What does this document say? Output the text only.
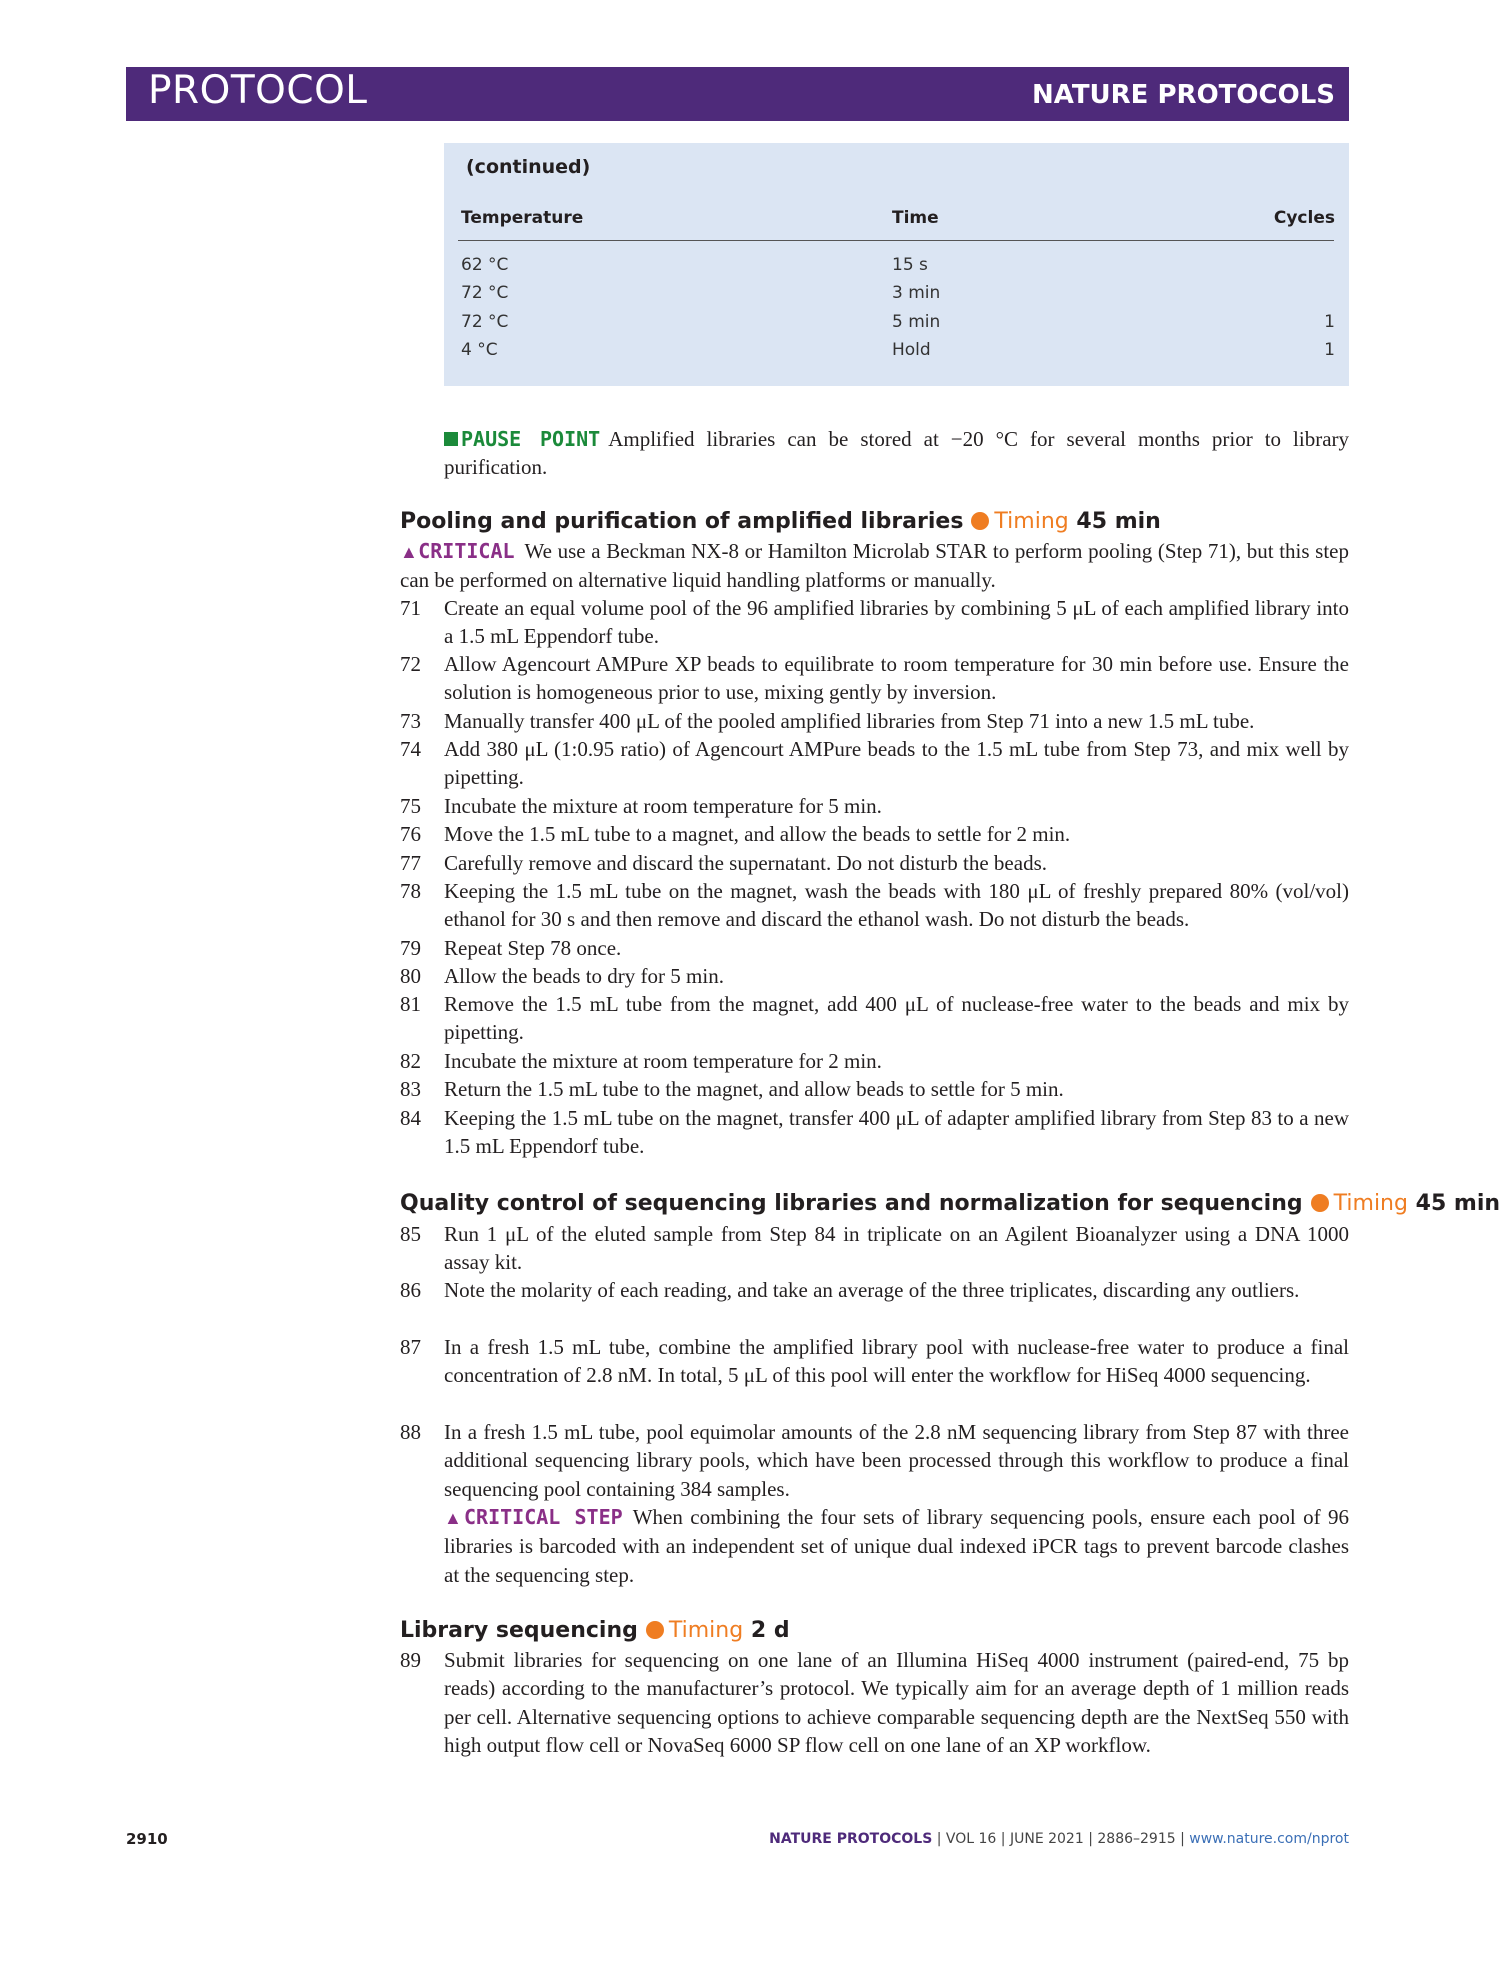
PROTOCOL	NATURE PROTOCOLS
(continued)
Temperature	Time	Cycles
62 °C	15 s
72 °C	3 min
72 °C	5 min	1
4 °C	Hold	1
PAUSE POINT Amplified libraries can be stored at −20 °C for several months prior to library purification.
Pooling and purification of amplified libraries Timing 45 min
▲CRITICAL We use a Beckman NX-8 or Hamilton Microlab STAR to perform pooling (Step 71), but this step can be performed on alternative liquid handling platforms or manually.
71 Create an equal volume pool of the 96 amplified libraries by combining 5 μL of each amplified library into a 1.5 mL Eppendorf tube.
72 Allow Agencourt AMPure XP beads to equilibrate to room temperature for 30 min before use. Ensure the solution is homogeneous prior to use, mixing gently by inversion.
73 Manually transfer 400 μL of the pooled amplified libraries from Step 71 into a new 1.5 mL tube.
74 Add 380 μL (1:0.95 ratio) of Agencourt AMPure beads to the 1.5 mL tube from Step 73, and mix well by pipetting.
75 Incubate the mixture at room temperature for 5 min.
76 Move the 1.5 mL tube to a magnet, and allow the beads to settle for 2 min.
77 Carefully remove and discard the supernatant. Do not disturb the beads.
78 Keeping the 1.5 mL tube on the magnet, wash the beads with 180 μL of freshly prepared 80% (vol/vol) ethanol for 30 s and then remove and discard the ethanol wash. Do not disturb the beads.
79 Repeat Step 78 once.
80 Allow the beads to dry for 5 min.
81 Remove the 1.5 mL tube from the magnet, add 400 μL of nuclease-free water to the beads and mix by pipetting.
82 Incubate the mixture at room temperature for 2 min.
83 Return the 1.5 mL tube to the magnet, and allow beads to settle for 5 min.
84 Keeping the 1.5 mL tube on the magnet, transfer 400 μL of adapter amplified library from Step 83 to a new 1.5 mL Eppendorf tube.
Quality control of sequencing libraries and normalization for sequencing Timing 45 min
85 Run 1 μL of the eluted sample from Step 84 in triplicate on an Agilent Bioanalyzer using a DNA 1000 assay kit.
86 Note the molarity of each reading, and take an average of the three triplicates, discarding any outliers.
87 In a fresh 1.5 mL tube, combine the amplified library pool with nuclease-free water to produce a final concentration of 2.8 nM. In total, 5 μL of this pool will enter the workflow for HiSeq 4000 sequencing.
88 In a fresh 1.5 mL tube, pool equimolar amounts of the 2.8 nM sequencing library from Step 87 with three additional sequencing library pools, which have been processed through this workflow to produce a final sequencing pool containing 384 samples.
▲CRITICAL STEP When combining the four sets of library sequencing pools, ensure each pool of 96 libraries is barcoded with an independent set of unique dual indexed iPCR tags to prevent barcode clashes at the sequencing step.
Library sequencing Timing 2 d
89 Submit libraries for sequencing on one lane of an Illumina HiSeq 4000 instrument (paired-end, 75 bp reads) according to the manufacturer’s protocol. We typically aim for an average depth of 1 million reads per cell. Alternative sequencing options to achieve comparable sequencing depth are the NextSeq 550 with high output flow cell or NovaSeq 6000 SP flow cell on one lane of an XP workflow.
2910	NATURE PROTOCOLS | VOL 16 | JUNE 2021 | 2886–2915 | www.nature.com/nprot
